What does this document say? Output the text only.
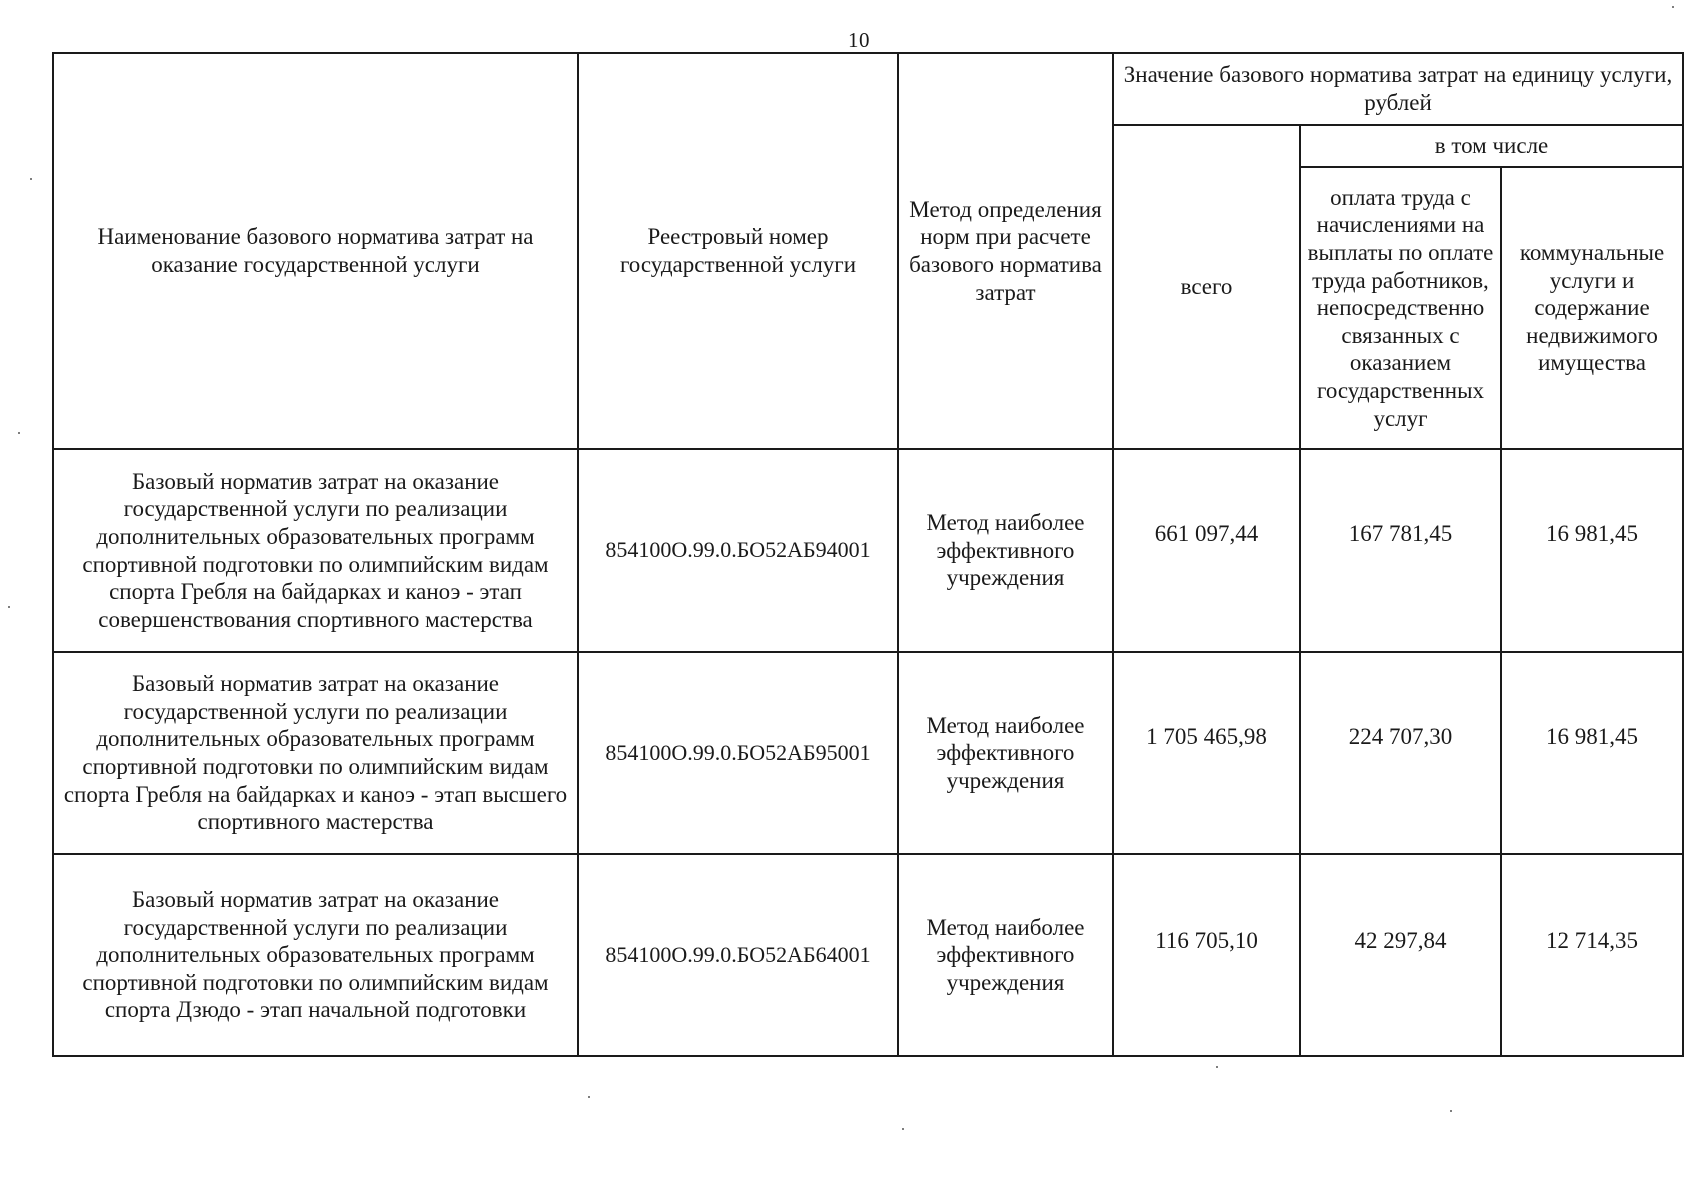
10
Наименование базового норматива затрат на оказание государственной услуги	Реестровый номер государственной услуги	Метод определения норм при расчете базового норматива затрат	Значение базового норматива затрат на единицу услуги, рублей		
			всего	в том числе	
				оплата труда с начислениями на выплаты по оплате труда работников, непосредственно связанных с оказанием государственных услуг	коммунальные услуги и содержание недвижимого имущества
Базовый норматив затрат на оказание государственной услуги по реализации дополнительных образовательных программ спортивной подготовки по олимпийским видам спорта Гребля на байдарках и каноэ - этап совершенствования спортивного мастерства	854100О.99.0.БО52АБ94001	Метод наиболее эффективного учреждения	661 097,44	167 781,45	16 981,45
Базовый норматив затрат на оказание государственной услуги по реализации дополнительных образовательных программ спортивной подготовки по олимпийским видам спорта Гребля на байдарках и каноэ - этап высшего спортивного мастерства	854100О.99.0.БО52АБ95001	Метод наиболее эффективного учреждения	1 705 465,98	224 707,30	16 981,45
Базовый норматив затрат на оказание государственной услуги по реализации дополнительных образовательных программ спортивной подготовки по олимпийским видам спорта Дзюдо - этап начальной подготовки	854100О.99.0.БО52АБ64001	Метод наиболее эффективного учреждения	116 705,10	42 297,84	12 714,35
